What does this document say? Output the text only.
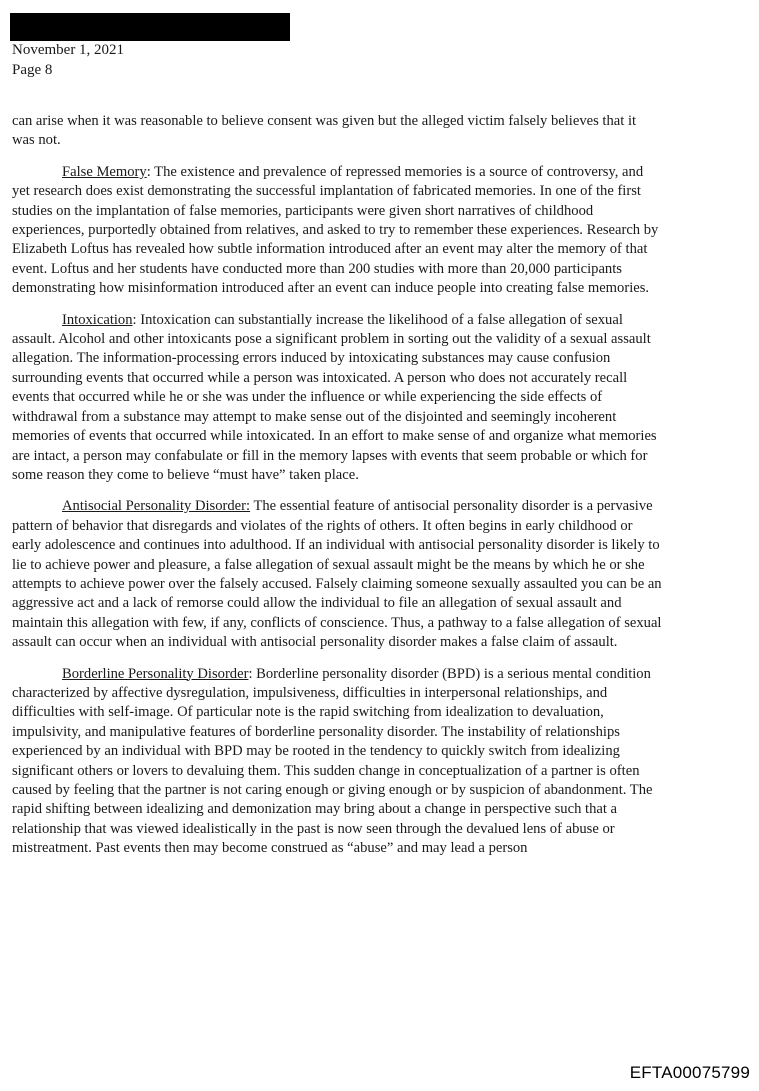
November 1, 2021
Page 8

can arise when it was reasonable to believe consent was given but the alleged victim falsely believes that it was not.

False Memory: The existence and prevalence of repressed memories is a source of controversy, and yet research does exist demonstrating the successful implantation of fabricated memories. In one of the first studies on the implantation of false memories, participants were given short narratives of childhood experiences, purportedly obtained from relatives, and asked to try to remember these experiences. Research by Elizabeth Loftus has revealed how subtle information introduced after an event may alter the memory of that event. Loftus and her students have conducted more than 200 studies with more than 20,000 participants demonstrating how misinformation introduced after an event can induce people into creating false memories.

Intoxication: Intoxication can substantially increase the likelihood of a false allegation of sexual assault. Alcohol and other intoxicants pose a significant problem in sorting out the validity of a sexual assault allegation. The information-processing errors induced by intoxicating substances may cause confusion surrounding events that occurred while a person was intoxicated. A person who does not accurately recall events that occurred while he or she was under the influence or while experiencing the side effects of withdrawal from a substance may attempt to make sense out of the disjointed and seemingly incoherent memories of events that occurred while intoxicated. In an effort to make sense of and organize what memories are intact, a person may confabulate or fill in the memory lapses with events that seem probable or which for some reason they come to believe “must have” taken place.

Antisocial Personality Disorder: The essential feature of antisocial personality disorder is a pervasive pattern of behavior that disregards and violates of the rights of others. It often begins in early childhood or early adolescence and continues into adulthood. If an individual with antisocial personality disorder is likely to lie to achieve power and pleasure, a false allegation of sexual assault might be the means by which he or she attempts to achieve power over the falsely accused. Falsely claiming someone sexually assaulted you can be an aggressive act and a lack of remorse could allow the individual to file an allegation of sexual assault and maintain this allegation with few, if any, conflicts of conscience. Thus, a pathway to a false allegation of sexual assault can occur when an individual with antisocial personality disorder makes a false claim of assault.

Borderline Personality Disorder: Borderline personality disorder (BPD) is a serious mental condition characterized by affective dysregulation, impulsiveness, difficulties in interpersonal relationships, and difficulties with self-image. Of particular note is the rapid switching from idealization to devaluation, impulsivity, and manipulative features of borderline personality disorder. The instability of relationships experienced by an individual with BPD may be rooted in the tendency to quickly switch from idealizing significant others or lovers to devaluing them. This sudden change in conceptualization of a partner is often caused by feeling that the partner is not caring enough or giving enough or by suspicion of abandonment. The rapid shifting between idealizing and demonization may bring about a change in perspective such that a relationship that was viewed idealistically in the past is now seen through the devalued lens of abuse or mistreatment. Past events then may become construed as “abuse” and may lead a person

EFTA00075799
